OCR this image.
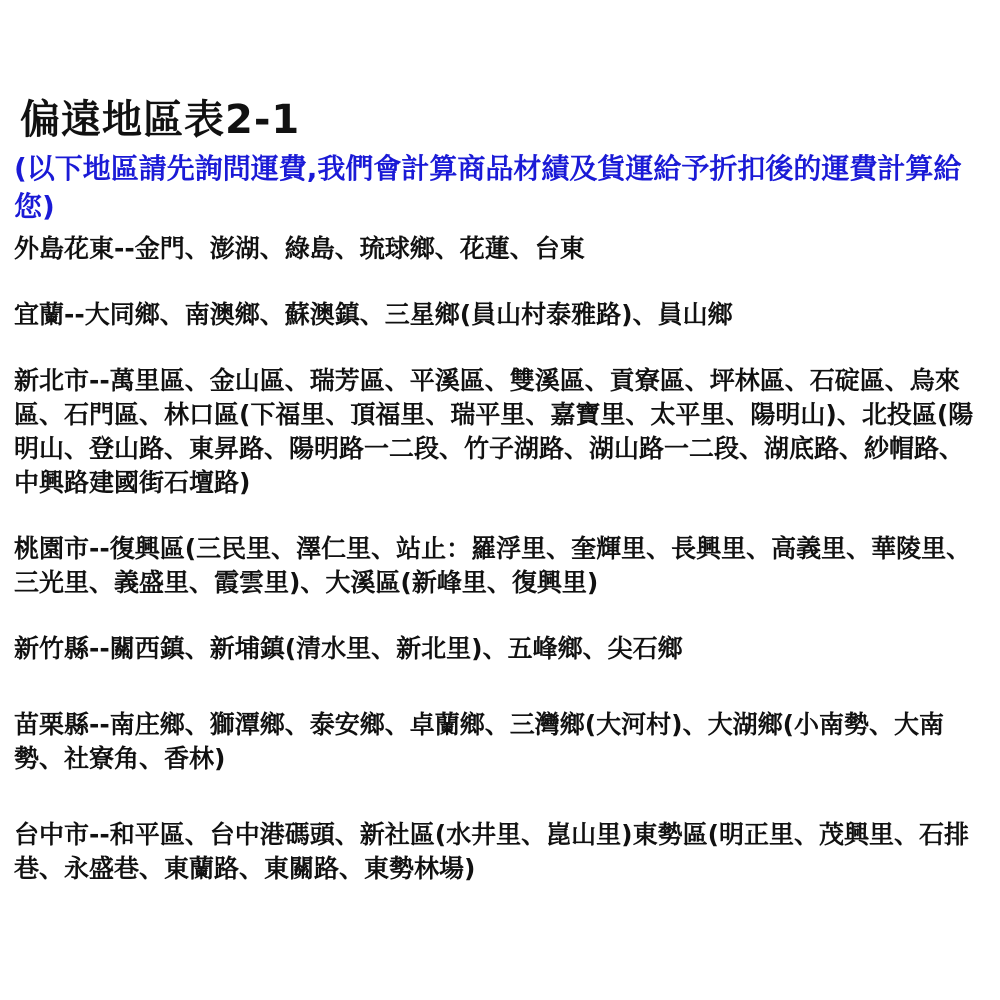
偏遠地區表2-1
(以下地區請先詢問運費,我們會計算商品材績及貨運給予折扣後的運費計算給您)

外島花東--金門、澎湖、綠島、琉球鄉、花蓮、台東

宜蘭--大同鄉、南澳鄉、蘇澳鎮、三星鄉(員山村泰雅路)、員山鄉

新北市--萬里區、金山區、瑞芳區、平溪區、雙溪區、貢寮區、坪林區、石碇區、烏來區、石門區、林口區(下福里、頂福里、瑞平里、嘉寶里、太平里、陽明山)、北投區(陽明山、登山路、東昇路、陽明路一二段、竹子湖路、湖山路一二段、湖底路、紗帽路、中興路建國街石壇路)

桃園市--復興區(三民里、澤仁里、站止：羅浮里、奎輝里、長興里、高義里、華陵里、三光里、義盛里、霞雲里)、大溪區(新峰里、復興里)

新竹縣--關西鎮、新埔鎮(清水里、新北里)、五峰鄉、尖石鄉

苗栗縣--南庄鄉、獅潭鄉、泰安鄉、卓蘭鄉、三灣鄉(大河村)、大湖鄉(小南勢、大南勢、社寮角、香林)

台中市--和平區、台中港碼頭、新社區(水井里、崑山里)東勢區(明正里、茂興里、石排巷、永盛巷、東蘭路、東關路、東勢林場)
